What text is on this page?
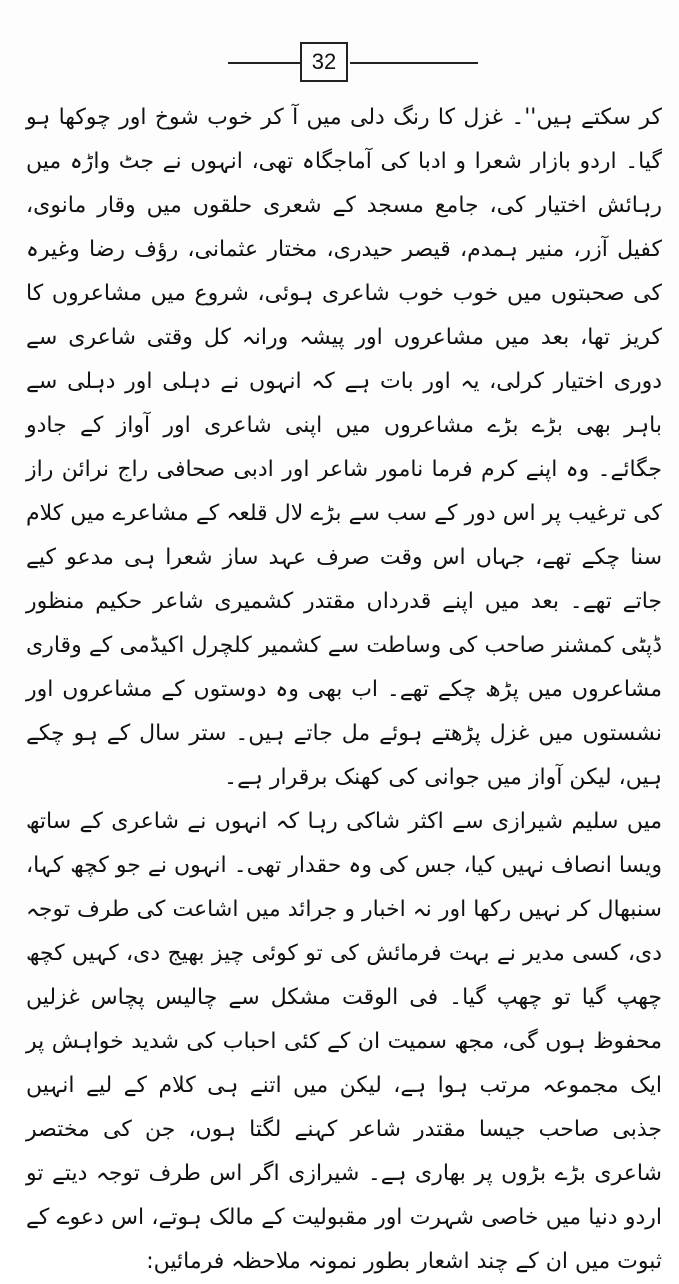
32

کر سکتے ہیں''۔ غزل کا رنگ دلی میں آ کر خوب شوخ اور چوکھا ہو گیا۔ اردو بازار شعرا و ادبا کی آماجگاہ تھی، انہوں نے جٹ واڑہ میں رہائش اختیار کی، جامع مسجد کے شعری حلقوں میں وقار مانوی، کفیل آزر، منیر ہمدم، قیصر حیدری، مختار عثمانی، رؤف رضا وغیرہ کی صحبتوں میں خوب خوب شاعری ہوئی، شروع میں مشاعروں کا کریز تھا، بعد میں مشاعروں اور پیشہ ورانہ کل وقتی شاعری سے دوری اختیار کرلی، یہ اور بات ہے کہ انہوں نے دہلی اور دہلی سے باہر بھی بڑے بڑے مشاعروں میں اپنی شاعری اور آواز کے جادو جگائے۔ وہ اپنے کرم فرما نامور شاعر اور ادبی صحافی راج نرائن راز کی ترغیب پر اس دور کے سب سے بڑے لال قلعہ کے مشاعرے میں کلام سنا چکے تھے، جہاں اس وقت صرف عہد ساز شعرا ہی مدعو کیے جاتے تھے۔ بعد میں اپنے قدرداں مقتدر کشمیری شاعر حکیم منظور ڈپٹی کمشنر صاحب کی وساطت سے کشمیر کلچرل اکیڈمی کے وقاری مشاعروں میں پڑھ چکے تھے۔ اب بھی وہ دوستوں کے مشاعروں اور نشستوں میں غزل پڑھتے ہوئے مل جاتے ہیں۔ ستر سال کے ہو چکے ہیں، لیکن آواز میں جوانی کی کھنک برقرار ہے۔

میں سلیم شیرازی سے اکثر شاکی رہا کہ انہوں نے شاعری کے ساتھ ویسا انصاف نہیں کیا، جس کی وہ حقدار تھی۔ انہوں نے جو کچھ کہا، سنبھال کر نہیں رکھا اور نہ اخبار و جرائد میں اشاعت کی طرف توجہ دی، کسی مدیر نے بہت فرمائش کی تو کوئی چیز بھیج دی، کہیں کچھ چھپ گیا تو چھپ گیا۔ فی الوقت مشکل سے چالیس پچاس غزلیں محفوظ ہوں گی، مجھ سمیت ان کے کئی احباب کی شدید خواہش پر ایک مجموعہ مرتب ہوا ہے، لیکن میں اتنے ہی کلام کے لیے انہیں جذبی صاحب جیسا مقتدر شاعر کہنے لگتا ہوں، جن کی مختصر شاعری بڑے بڑوں پر بھاری ہے۔ شیرازی اگر اس طرف توجہ دیتے تو اردو دنیا میں خاصی شہرت اور مقبولیت کے مالک ہوتے، اس دعوے کے ثبوت میں ان کے چند اشعار بطور نمونہ ملاحظہ فرمائیں:
